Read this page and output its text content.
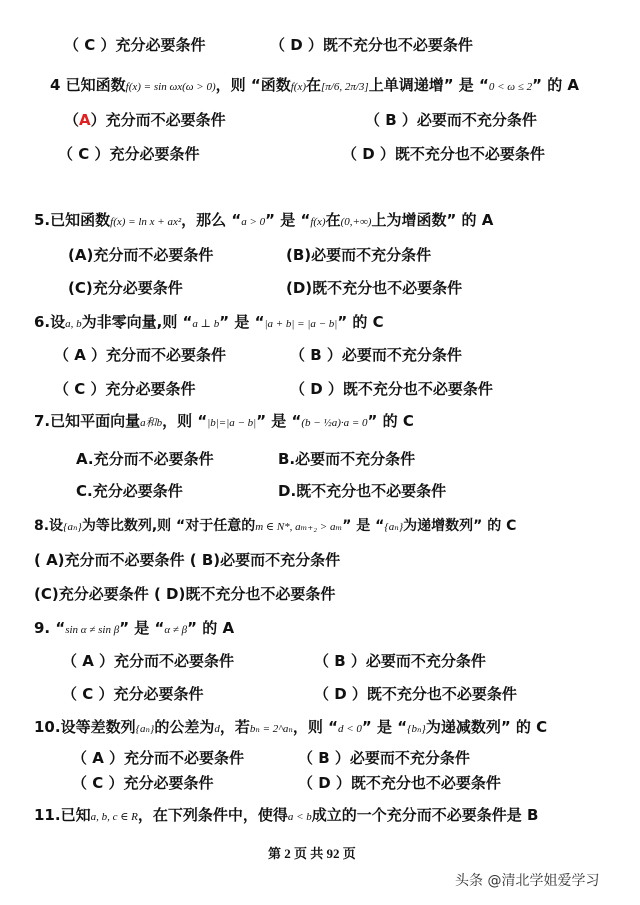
（ C ）充分必要条件	（ D ）既不充分也不必要条件
4 已知函数f(x) = sin ωx(ω > 0)，则 “函数f(x)在[π/6, 2π/3]上单调递增” 是 “0 < ω ≤ 2” 的 A
（A）充分而不必要条件	（ B ）必要而不充分条件
（ C ）充分必要条件	（ D ）既不充分也不必要条件
5.已知函数f(x) = ln x + ax²，那么 “a > 0” 是 “f(x)在(0,+∞)上为增函数” 的 A
(A)充分而不必要条件	(B)必要而不充分条件
(C)充分必要条件	(D)既不充分也不必要条件
6.设a, b为非零向量,则 “a ⊥ b” 是 “|a + b| = |a − b|” 的 C
（ A ）充分而不必要条件	（ B ）必要而不充分条件
（ C ）充分必要条件	（ D ）既不充分也不必要条件
7.已知平面向量a和b，则 “|b|=|a − b|” 是 “(b − ½a)·a = 0” 的 C
A.充分而不必要条件	B.必要而不充分条件
C.充分必要条件	D.既不充分也不必要条件
8.设{aₙ}为等比数列,则 “对于任意的m ∈ N*, aₘ₊₂ > aₘ” 是 “{aₙ}为递增数列” 的 C
( A)充分而不必要条件 ( B)必要而不充分条件
(C)充分必要条件 ( D)既不充分也不必要条件
9. “sin α ≠ sin β” 是 “α ≠ β” 的 A
（ A ）充分而不必要条件	（ B ）必要而不充分条件
（ C ）充分必要条件	（ D ）既不充分也不必要条件
10.设等差数列{aₙ}的公差为d，若bₙ = 2^aₙ，则 “d < 0” 是 “{bₙ}为递减数列” 的 C
（ A ）充分而不必要条件	（ B ）必要而不充分条件
（ C ）充分必要条件	（ D ）既不充分也不必要条件
11.已知a, b, c ∈ R，在下列条件中，使得a < b成立的一个充分而不必要条件是 B
第 2 页 共 92 页
头条 @清北学姐爱学习
